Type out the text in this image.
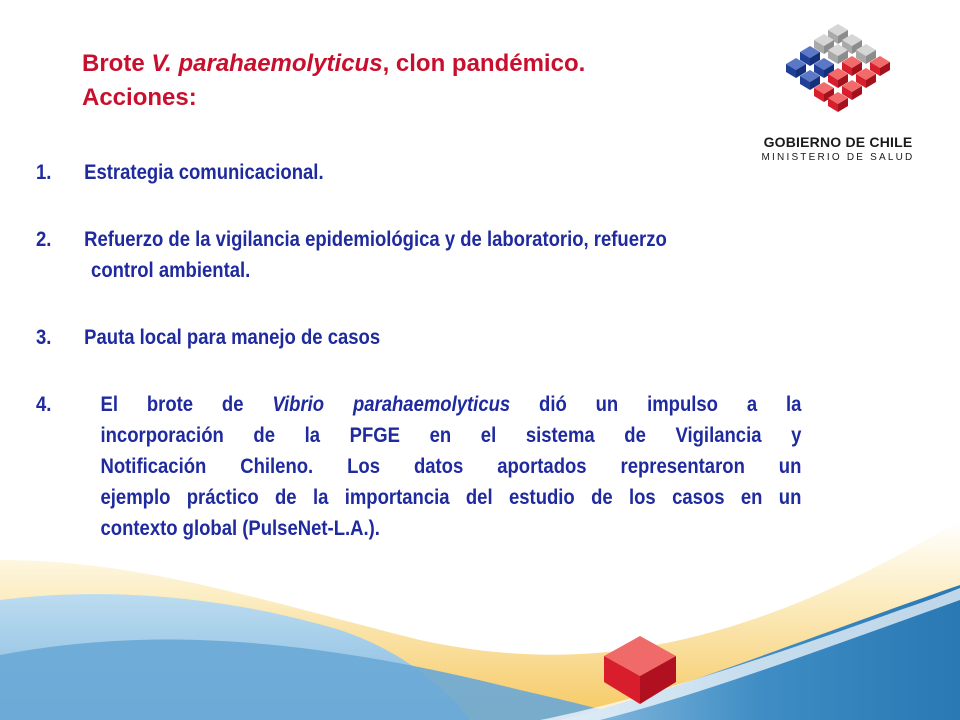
Brote V. parahaemolyticus, clon pandémico.
Acciones:
GOBIERNO DE CHILE
MINISTERIO DE SALUD
1. Estrategia comunicacional.
2. Refuerzo de la vigilancia epidemiológica y de laboratorio, refuerzo
control ambiental.
3. Pauta local para manejo de casos
4. El brote de Vibrio parahaemolyticus dió un impulso a la
incorporación de la PFGE en el sistema de Vigilancia y
Notificación Chileno. Los datos aportados representaron un
ejemplo práctico de la importancia del estudio de los casos en un
contexto global (PulseNet-L.A.).
